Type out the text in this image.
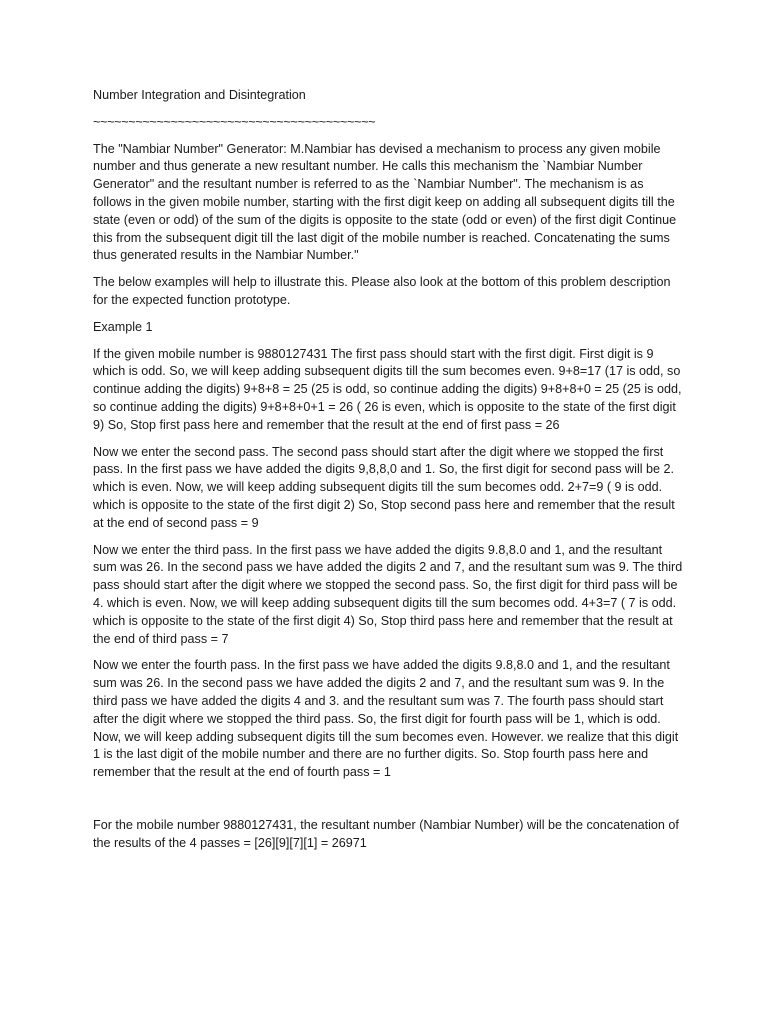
Number Integration and Disintegration
~~~~~~~~~~~~~~~~~~~~~~~~~~~~~~~~~~~~~~~~

The "Nambiar Number" Generator: M.Nambiar has devised a mechanism to process any given mobile number and thus generate a new resultant number. He calls this mechanism the `Nambiar Number Generator" and the resultant number is referred to as the `Nambiar Number". The mechanism is as follows in the given mobile number, starting with the first digit keep on adding all subsequent digits till the state (even or odd) of the sum of the digits is opposite to the state (odd or even) of the first digit Continue this from the subsequent digit till the last digit of the mobile number is reached. Concatenating the sums thus generated results in the Nambiar Number."

The below examples will help to illustrate this. Please also look at the bottom of this problem description for the expected function prototype.

Example 1

If the given mobile number is 9880127431 The first pass should start with the first digit. First digit is 9 which is odd. So, we will keep adding subsequent digits till the sum becomes even. 9+8=17 (17 is odd, so continue adding the digits) 9+8+8 = 25 (25 is odd, so continue adding the digits) 9+8+8+0 = 25 (25 is odd, so continue adding the digits) 9+8+8+0+1 = 26 ( 26 is even, which is opposite to the state of the first digit 9) So, Stop first pass here and remember that the result at the end of first pass = 26

Now we enter the second pass. The second pass should start after the digit where we stopped the first pass. In the first pass we have added the digits 9,8,8,0 and 1. So, the first digit for second pass will be 2. which is even. Now, we will keep adding subsequent digits till the sum becomes odd. 2+7=9 ( 9 is odd. which is opposite to the state of the first digit 2) So, Stop second pass here and remember that the result at the end of second pass = 9

Now we enter the third pass. In the first pass we have added the digits 9.8,8.0 and 1, and the resultant sum was 26. In the second pass we have added the digits 2 and 7, and the resultant sum was 9. The third pass should start after the digit where we stopped the second pass. So, the first digit for third pass will be 4. which is even. Now, we will keep adding subsequent digits till the sum becomes odd. 4+3=7 ( 7 is odd. which is opposite to the state of the first digit 4) So, Stop third pass here and remember that the result at the end of third pass = 7

Now we enter the fourth pass. In the first pass we have added the digits 9.8,8.0 and 1, and the resultant sum was 26. In the second pass we have added the digits 2 and 7, and the resultant sum was 9. In the third pass we have added the digits 4 and 3. and the resultant sum was 7. The fourth pass should start after the digit where we stopped the third pass. So, the first digit for fourth pass will be 1, which is odd. Now, we will keep adding subsequent digits till the sum becomes even. However. we realize that this digit 1 is the last digit of the mobile number and there are no further digits. So. Stop fourth pass here and remember that the result at the end of fourth pass = 1

For the mobile number 9880127431, the resultant number (Nambiar Number) will be the concatenation of the results of the 4 passes = [26][9][7][1] = 26971
